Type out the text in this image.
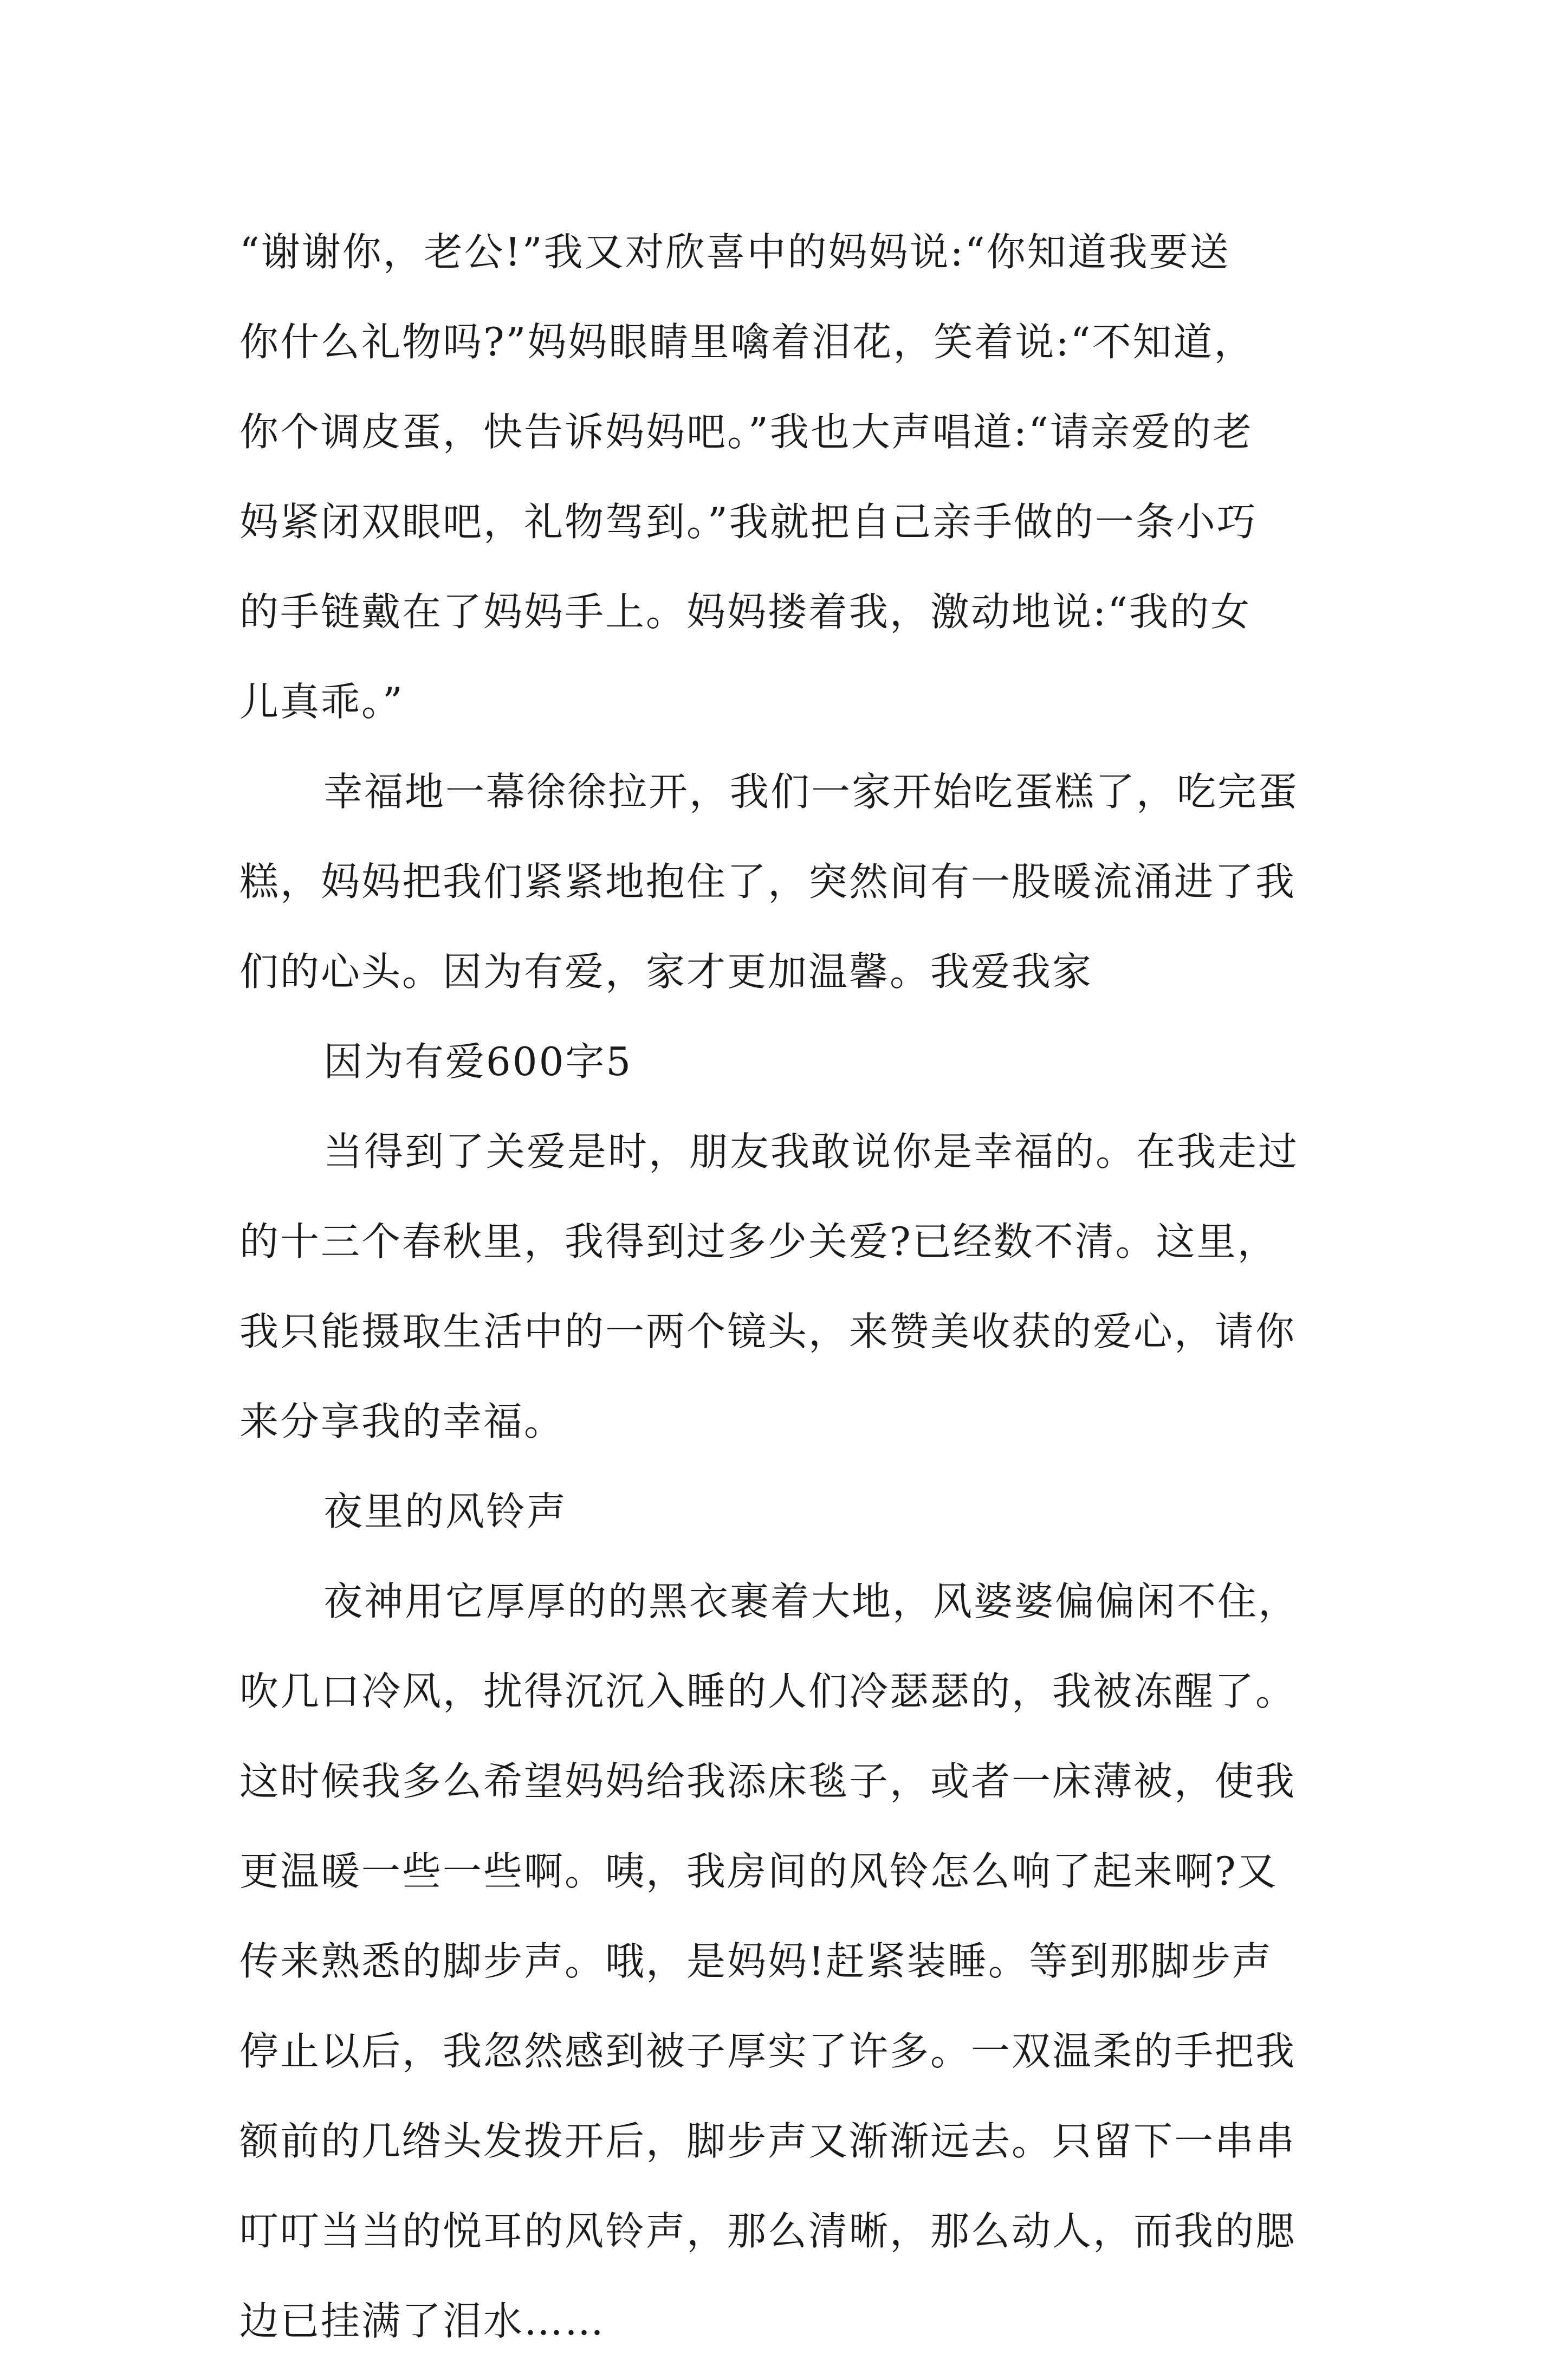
“谢谢你，老公!”我又对欣喜中的妈妈说:“你知道我要送
你什么礼物吗?”妈妈眼睛里噙着泪花，笑着说:“不知道，
你个调皮蛋，快告诉妈妈吧。”我也大声唱道:“请亲爱的老
妈紧闭双眼吧，礼物驾到。”我就把自己亲手做的一条小巧
的手链戴在了妈妈手上。妈妈搂着我，激动地说:“我的女
儿真乖。”
幸福地一幕徐徐拉开，我们一家开始吃蛋糕了，吃完蛋
糕，妈妈把我们紧紧地抱住了，突然间有一股暖流涌进了我
们的心头。因为有爱，家才更加温馨。我爱我家
因为有爱600字5
当得到了关爱是时，朋友我敢说你是幸福的。在我走过
的十三个春秋里，我得到过多少关爱?已经数不清。这里，
我只能摄取生活中的一两个镜头，来赞美收获的爱心，请你
来分享我的幸福。
夜里的风铃声
夜神用它厚厚的的黑衣裹着大地，风婆婆偏偏闲不住，
吹几口冷风，扰得沉沉入睡的人们冷瑟瑟的，我被冻醒了。
这时候我多么希望妈妈给我添床毯子，或者一床薄被，使我
更温暖一些一些啊。咦，我房间的风铃怎么响了起来啊?又
传来熟悉的脚步声。哦，是妈妈!赶紧装睡。等到那脚步声
停止以后，我忽然感到被子厚实了许多。一双温柔的手把我
额前的几绺头发拨开后，脚步声又渐渐远去。只留下一串串
叮叮当当的悦耳的风铃声，那么清晰，那么动人，而我的腮
边已挂满了泪水……
